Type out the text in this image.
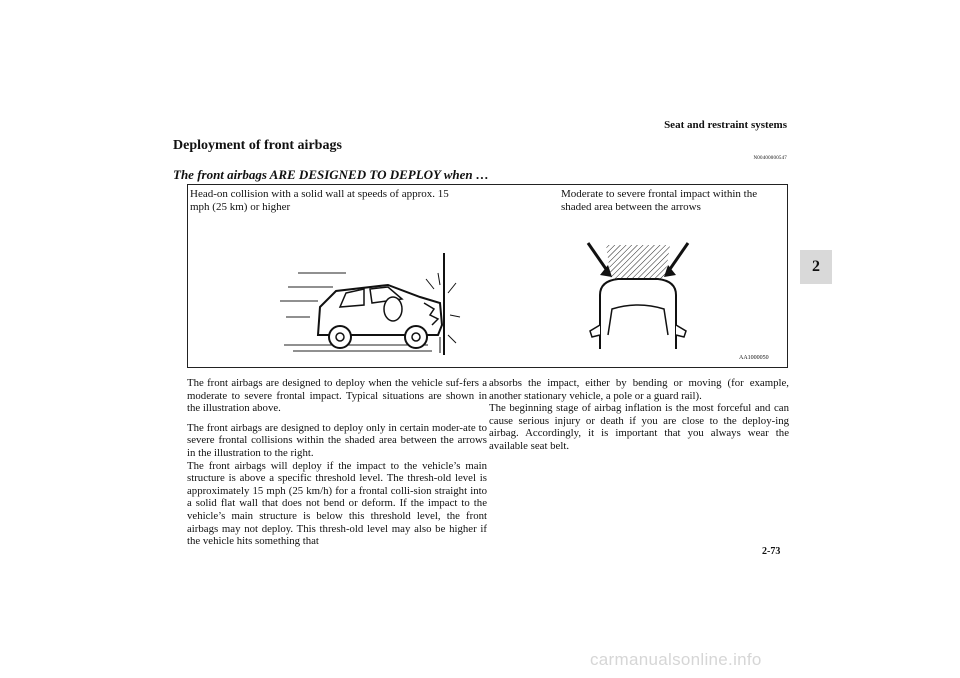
Seat and restraint systems
2
Deployment of front airbags
N00400000547
The front airbags ARE DESIGNED TO DEPLOY when …
Head-on collision with a solid wall at speeds of approx. 15 mph (25 km) or higher
Moderate to severe frontal impact within the shaded area between the arrows
AA1000050

The front airbags are designed to deploy when the vehicle suf-fers a moderate to severe frontal impact. Typical situations are shown in the illustration above.

The front airbags are designed to deploy only in certain moder-ate to severe frontal collisions within the shaded area between the arrows in the illustration to the right.

The front airbags will deploy if the impact to the vehicle’s main structure is above a specific threshold level. The thresh-old level is approximately 15 mph (25 km/h) for a frontal colli-sion straight into a solid flat wall that does not bend or deform. If the impact to the vehicle’s main structure is below this threshold level, the front airbags may not deploy. This thresh-old level may also be higher if the vehicle hits something that

absorbs the impact, either by bending or moving (for example, another stationary vehicle, a pole or a guard rail).

The beginning stage of airbag inflation is the most forceful and can cause serious injury or death if you are close to the deploy-ing airbag. Accordingly, it is important that you always wear the available seat belt.

2-73
carmanualsonline.info
